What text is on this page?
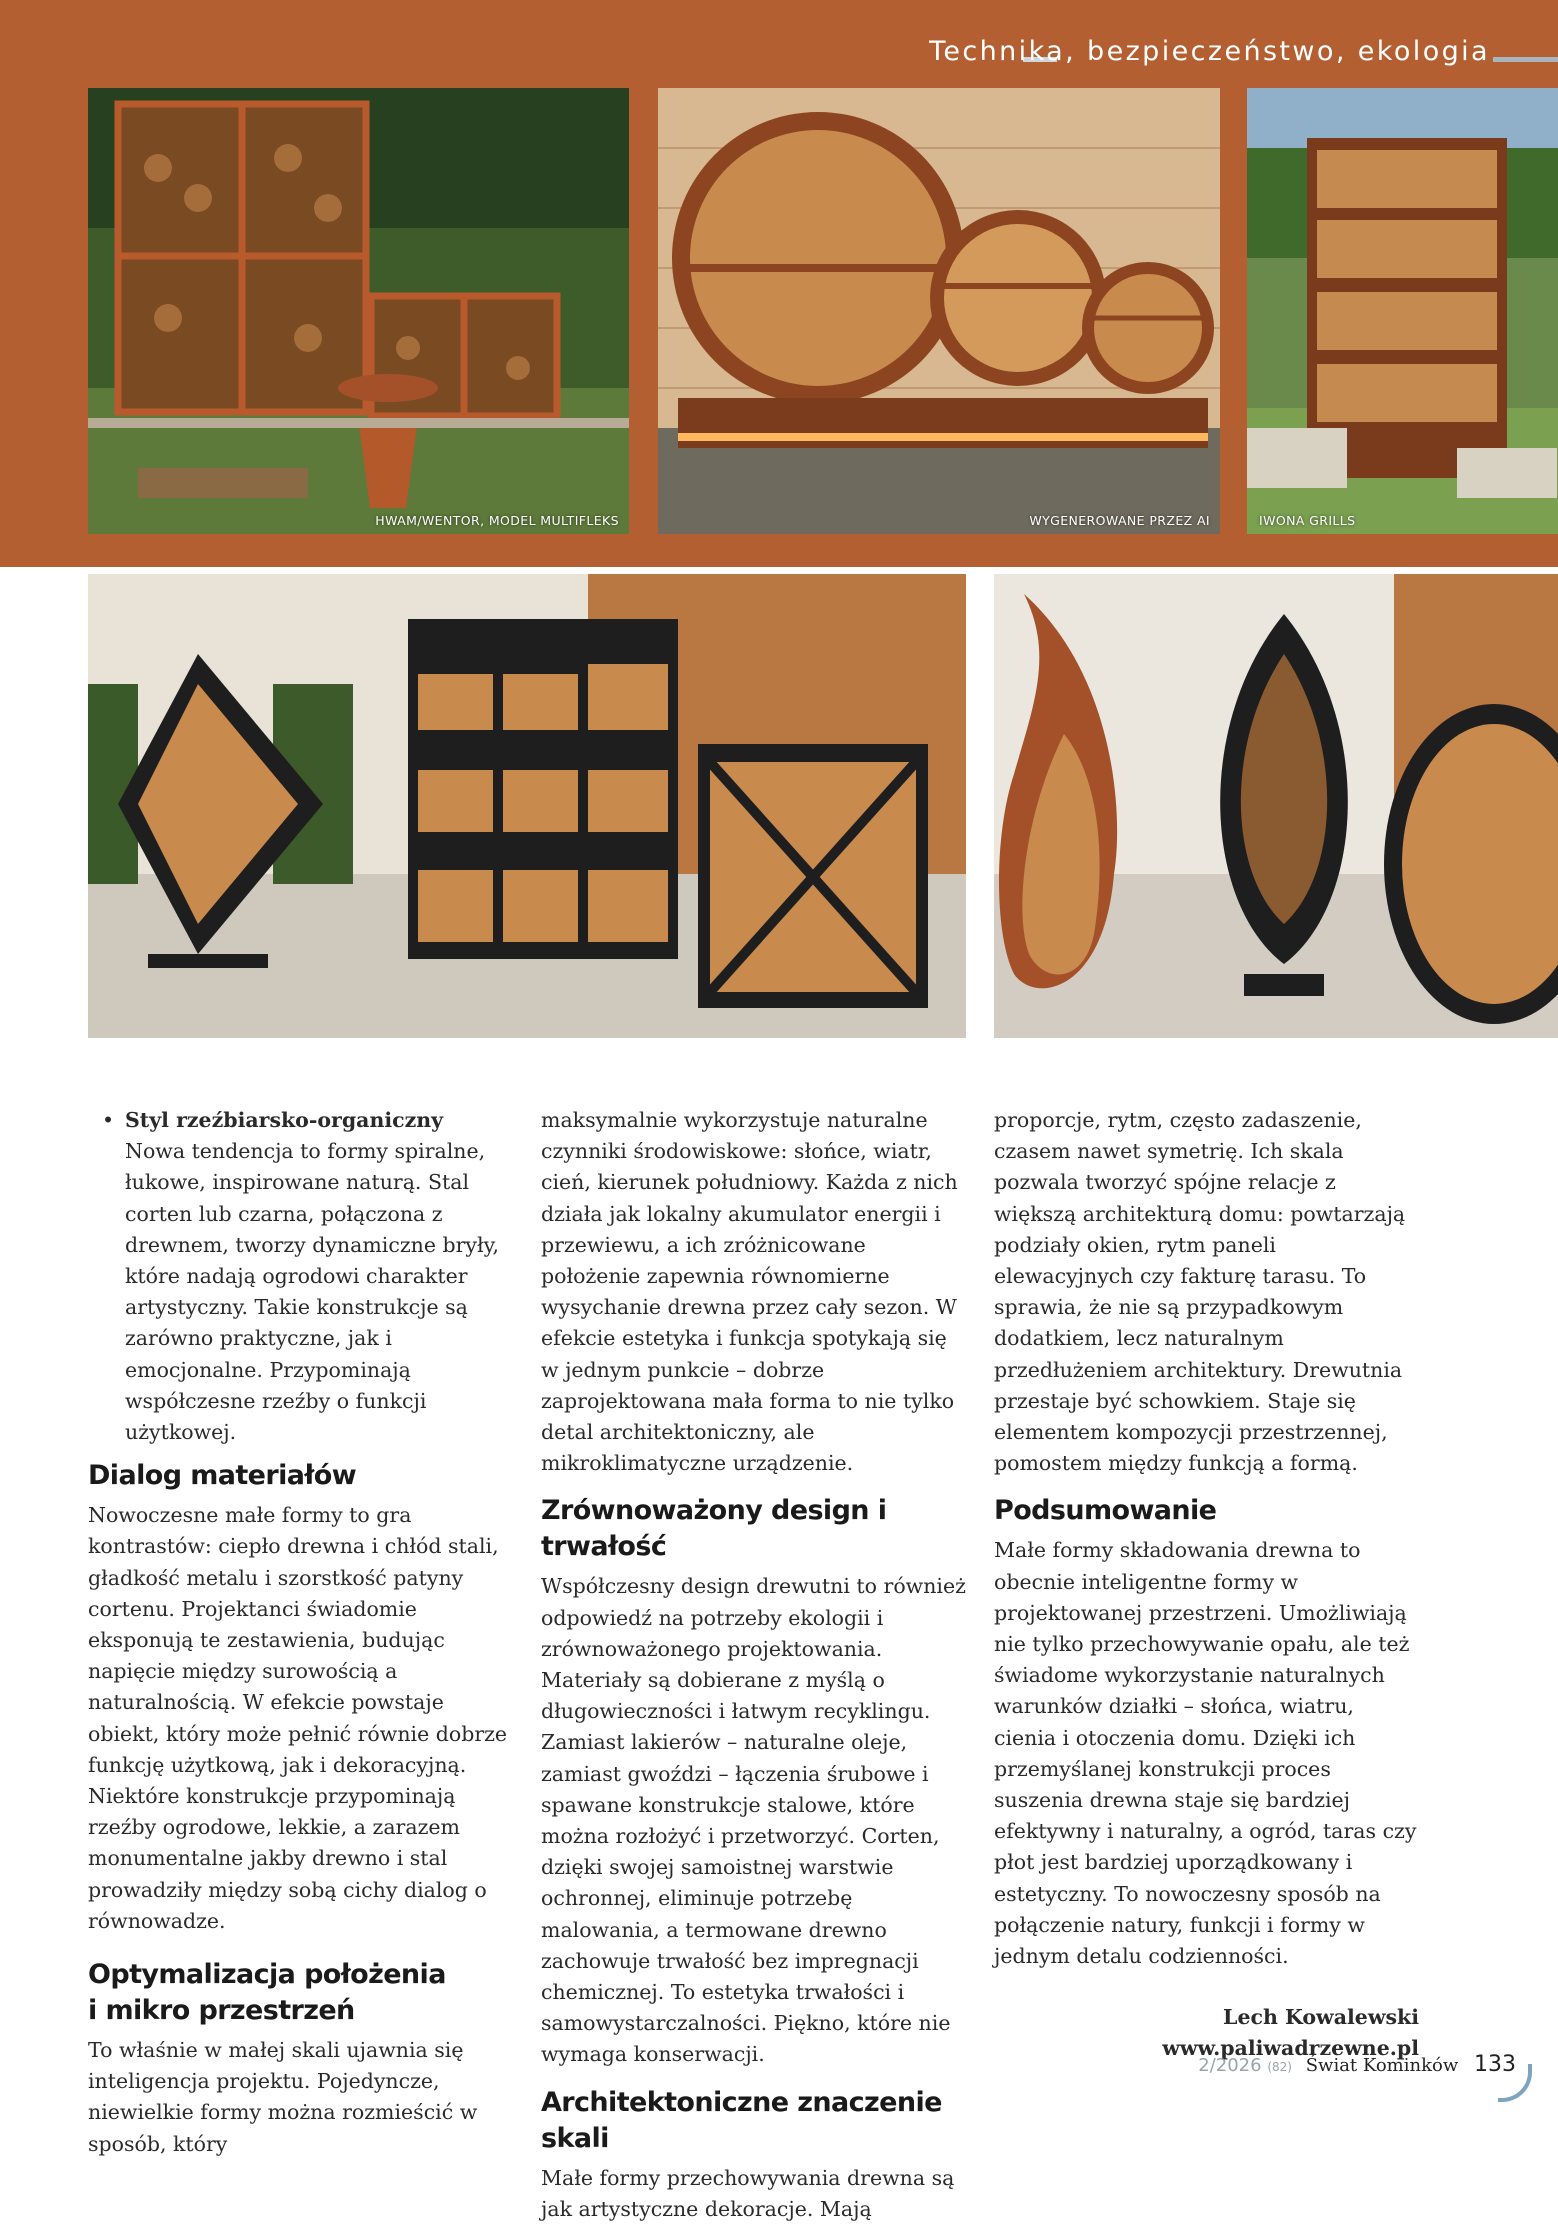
Technika, bezpieczeństwo, ekologia
HWAM/WENTOR, MODEL MULTIFLEKS	WYGENEROWANE PRZEZ AI	IWONA GRILLS
• Styl rzeźbiarsko-organiczny

Nowa tendencja to formy spiralne, łukowe, inspirowane naturą. Stal corten lub czarna, połączona z drewnem, tworzy dynamiczne bryły, które nadają ogrodowi charakter artystyczny. Takie konstrukcje są zarówno praktyczne, jak i emocjonalne. Przypominają współczesne rzeźby o funkcji użytkowej.

Dialog materiałów

Nowoczesne małe formy to gra kontrastów: ciepło drewna i chłód stali, gładkość metalu i szorstkość patyny cortenu. Projektanci świadomie eksponują te zestawienia, budując napięcie między surowością a naturalnością. W efekcie powstaje obiekt, który może pełnić równie dobrze funkcję użytkową, jak i dekoracyjną. Niektóre konstrukcje przypominają rzeźby ogrodowe, lekkie, a zarazem monumentalne jakby drewno i stal prowadziły między sobą cichy dialog o równowadze.

Optymalizacja położenia
i mikro przestrzeń

To właśnie w małej skali ujawnia się inteligencja projektu. Pojedyncze, niewielkie formy można rozmieścić w sposób, który

maksymalnie wykorzystuje naturalne czynniki środowiskowe: słońce, wiatr, cień, kierunek południowy. Każda z nich działa jak lokalny akumulator energii i przewiewu, a ich zróżnicowane położenie zapewnia równomierne wysychanie drewna przez cały sezon. W efekcie estetyka i funkcja spotykają się w jednym punkcie – dobrze zaprojektowana mała forma to nie tylko detal architektoniczny, ale mikroklimatyczne urządzenie.

Zrównoważony design i trwałość

Współczesny design drewutni to również odpowiedź na potrzeby ekologii i zrównoważonego projektowania. Materiały są dobierane z myślą o długowieczności i łatwym recyklingu. Zamiast lakierów – naturalne oleje, zamiast gwoździ – łączenia śrubowe i spawane konstrukcje stalowe, które można rozłożyć i przetworzyć. Corten, dzięki swojej samoistnej warstwie ochronnej, eliminuje potrzebę malowania, a termowane drewno zachowuje trwałość bez impregnacji chemicznej. To estetyka trwałości i samowystarczalności. Piękno, które nie wymaga konserwacji.

Architektoniczne znaczenie skali

Małe formy przechowywania drewna są jak artystyczne dekoracje. Mają

proporcje, rytm, często zadaszenie, czasem nawet symetrię. Ich skala pozwala tworzyć spójne relacje z większą architekturą domu: powtarzają podziały okien, rytm paneli elewacyjnych czy fakturę tarasu. To sprawia, że nie są przypadkowym dodatkiem, lecz naturalnym przedłużeniem architektury. Drewutnia przestaje być schowkiem. Staje się elementem kompozycji przestrzennej, pomostem między funkcją a formą.

Podsumowanie

Małe formy składowania drewna to obecnie inteligentne formy w projektowanej przestrzeni. Umożliwiają nie tylko przechowywanie opału, ale też świadome wykorzystanie naturalnych warunków działki – słońca, wiatru, cienia i otoczenia domu. Dzięki ich przemyślanej konstrukcji proces suszenia drewna staje się bardziej efektywny i naturalny, a ogród, taras czy płot jest bardziej uporządkowany i estetyczny. To nowoczesny sposób na połączenie natury, funkcji i formy w jednym detalu codzienności.

Lech Kowalewski

www.paliwadrzewne.pl

2/2026 (82) Świat Kominków 133
